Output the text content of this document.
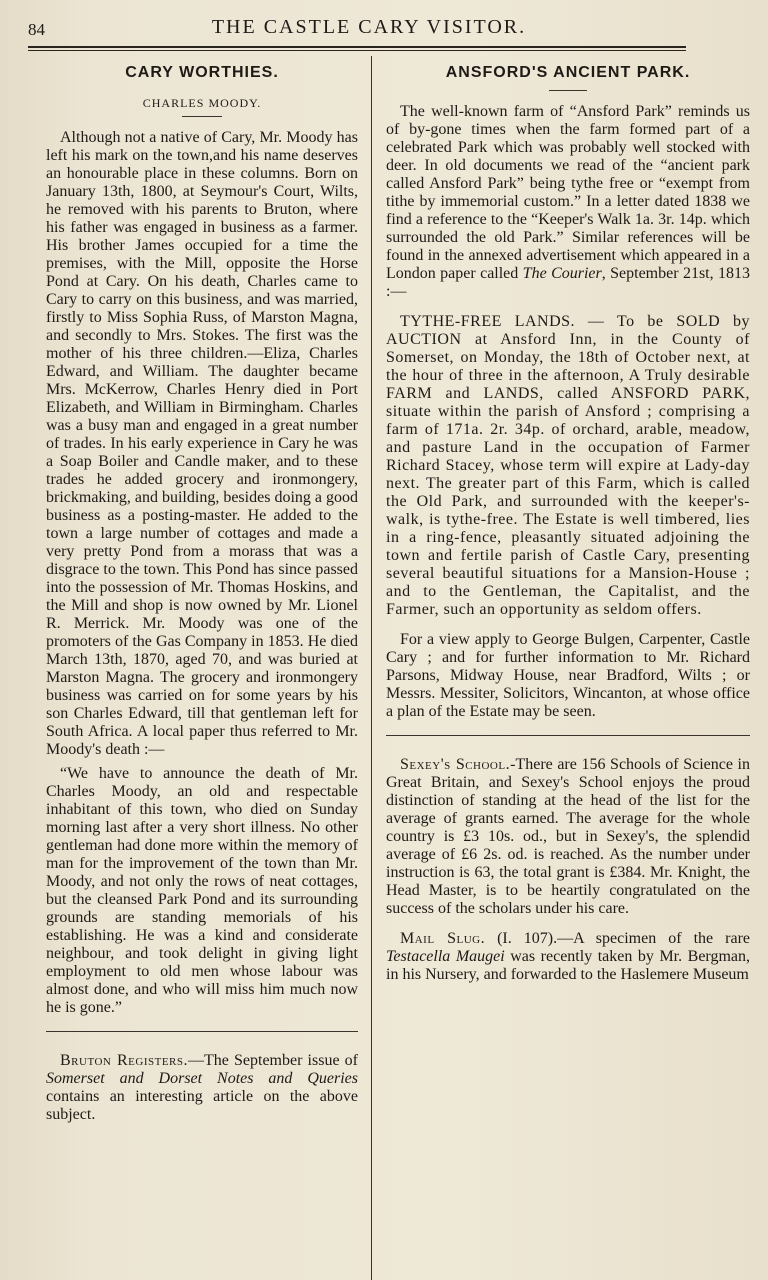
84	THE CASTLE CARY VISITOR.
CARY WORTHIES.
CHARLES MOODY.

Although not a native of Cary, Mr. Moody has left his mark on the town,and his name deserves an honourable place in these columns. Born on January 13th, 1800, at Seymour's Court, Wilts, he removed with his parents to Bruton, where his father was engaged in business as a farmer. His brother James occupied for a time the premises, with the Mill, opposite the Horse Pond at Cary. On his death, Charles came to Cary to carry on this business, and was married, firstly to Miss Sophia Russ, of Marston Magna, and secondly to Mrs. Stokes. The first was the mother of his three children.—Eliza, Charles Edward, and William. The daughter became Mrs. McKerrow, Charles Henry died in Port Elizabeth, and William in Birmingham. Charles was a busy man and engaged in a great number of trades. In his early experience in Cary he was a Soap Boiler and Candle maker, and to these trades he added grocery and ironmongery, brickmaking, and building, besides doing a good business as a posting-master. He added to the town a large number of cottages and made a very pretty Pond from a morass that was a disgrace to the town. This Pond has since passed into the possession of Mr. Thomas Hoskins, and the Mill and shop is now owned by Mr. Lionel R. Merrick. Mr. Moody was one of the promoters of the Gas Company in 1853. He died March 13th, 1870, aged 70, and was buried at Marston Magna. The grocery and ironmongery business was carried on for some years by his son Charles Edward, till that gentleman left for South Africa. A local paper thus referred to Mr. Moody's death :—

“We have to announce the death of Mr. Charles Moody, an old and respectable inhabitant of this town, who died on Sunday morning last after a very short illness. No other gentleman had done more within the memory of man for the improvement of the town than Mr. Moody, and not only the rows of neat cottages, but the cleansed Park Pond and its surrounding grounds are standing memorials of his establishing. He was a kind and considerate neighbour, and took delight in giving light employment to old men whose labour was almost done, and who will miss him much now he is gone.”

Bruton Registers.—The September issue of Somerset and Dorset Notes and Queries contains an interesting article on the above subject.

ANSFORD'S ANCIENT PARK.

The well-known farm of “Ansford Park” reminds us of by-gone times when the farm formed part of a celebrated Park which was probably well stocked with deer. In old documents we read of the “ancient park called Ansford Park” being tythe free or “exempt from tithe by immemorial custom.” In a letter dated 1838 we find a reference to the “Keeper's Walk 1a. 3r. 14p. which surrounded the old Park.” Similar references will be found in the annexed advertisement which appeared in a London paper called The Courier, September 21st, 1813 :—

TYTHE-FREE LANDS. — To be SOLD by AUCTION at Ansford Inn, in the County of Somerset, on Monday, the 18th of October next, at the hour of three in the afternoon, A Truly desirable FARM and LANDS, called ANSFORD PARK, situate within the parish of Ansford ; comprising a farm of 171a. 2r. 34p. of orchard, arable, meadow, and pasture Land in the occupation of Farmer Richard Stacey, whose term will expire at Lady-day next. The greater part of this Farm, which is called the Old Park, and surrounded with the keeper's-walk, is tythe-free. The Estate is well timbered, lies in a ring-fence, pleasantly situated adjoining the town and fertile parish of Castle Cary, presenting several beautiful situations for a Mansion-House ; and to the Gentleman, the Capitalist, and the Farmer, such an opportunity as seldom offers.

For a view apply to George Bulgen, Carpenter, Castle Cary ; and for further information to Mr. Richard Parsons, Midway House, near Bradford, Wilts ; or Messrs. Messiter, Solicitors, Wincanton, at whose office a plan of the Estate may be seen.

Sexey's School.-There are 156 Schools of Science in Great Britain, and Sexey's School enjoys the proud distinction of standing at the head of the list for the average of grants earned. The average for the whole country is £3 10s. od., but in Sexey's, the splendid average of £6 2s. od. is reached. As the number under instruction is 63, the total grant is £384. Mr. Knight, the Head Master, is to be heartily congratulated on the success of the scholars under his care.

Mail Slug. (I. 107).—A specimen of the rare Testacella Maugei was recently taken by Mr. Bergman, in his Nursery, and forwarded to the Haslemere Museum
